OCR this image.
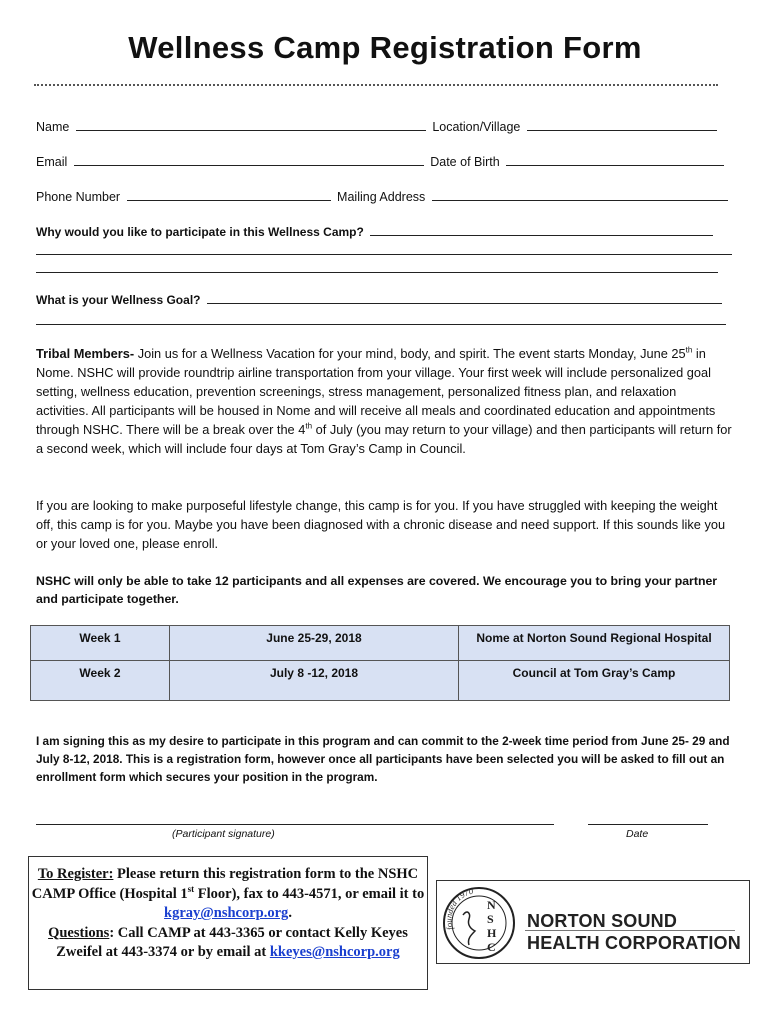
Wellness Camp Registration Form
Name	Location/Village
Email	Date of Birth
Phone Number	Mailing Address
Why would you like to participate in this Wellness Camp?
What is your Wellness Goal?

Tribal Members- Join us for a Wellness Vacation for your mind, body, and spirit. The event starts Monday, June 25th in Nome. NSHC will provide roundtrip airline transportation from your village. Your first week will include personalized goal setting, wellness education, prevention screenings, stress management, personalized fitness plan, and relaxation activities. All participants will be housed in Nome and will receive all meals and coordinated education and appointments through NSHC. There will be a break over the 4th of July (you may return to your village) and then participants will return for a second week, which will include four days at Tom Gray’s Camp in Council.

If you are looking to make purposeful lifestyle change, this camp is for you. If you have struggled with keeping the weight off, this camp is for you. Maybe you have been diagnosed with a chronic disease and need support. If this sounds like you or your loved one, please enroll.

NSHC will only be able to take 12 participants and all expenses are covered. We encourage you to bring your partner and participate together.

Week 1	June 25-29, 2018	Nome at Norton Sound Regional Hospital
Week 2	July 8 -12, 2018	Council at Tom Gray’s Camp

I am signing this as my desire to participate in this program and can commit to the 2-week time period from June 25- 29 and July 8-12, 2018. This is a registration form, however once all participants have been selected you will be asked to fill out an enrollment form which secures your position in the program.

(Participant signature)	Date
To Register: Please return this registration form to the NSHC CAMP Office (Hospital 1st Floor), fax to 443-4571, or email it to kgray@nshcorp.org.
Questions: Call CAMP at 443-3365 or contact Kelly Keyes Zweifel at 443-3374 or by email at kkeyes@nshcorp.org
founded 1970
N
S
H
C
NORTON SOUND
HEALTH CORPORATION
